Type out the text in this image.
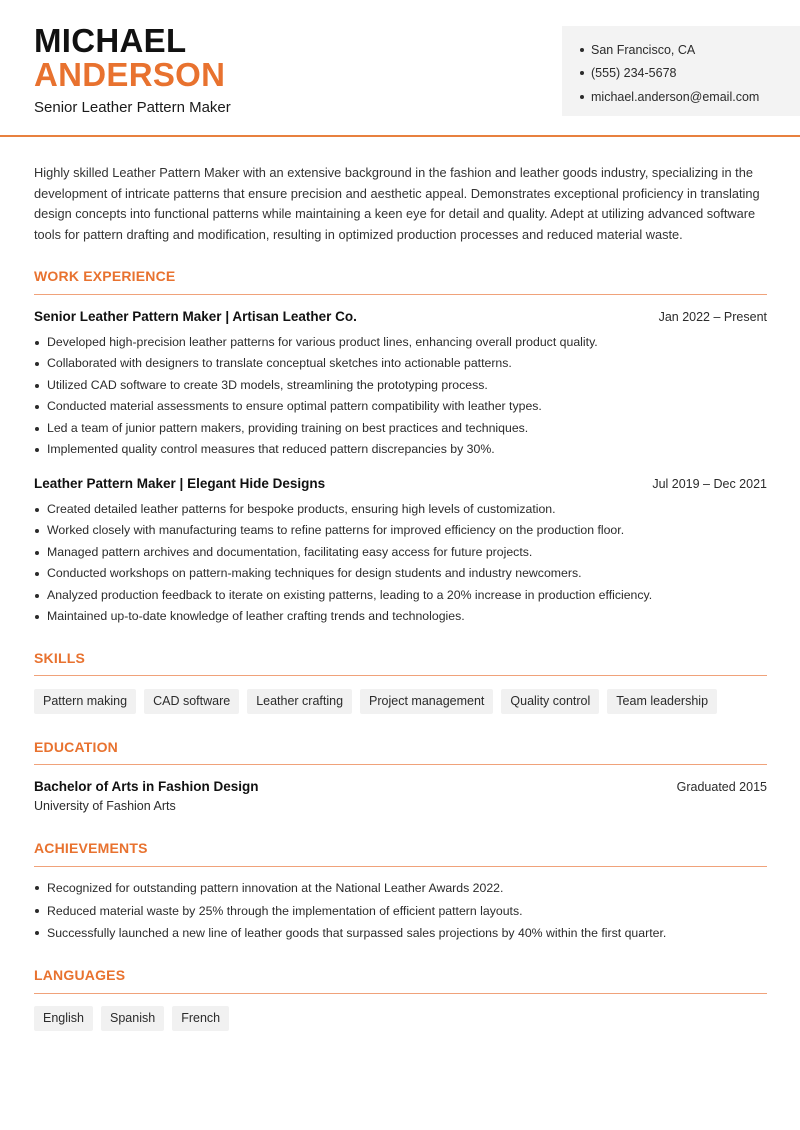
MICHAEL
ANDERSON
Senior Leather Pattern Maker
San Francisco, CA
(555) 234-5678
michael.anderson@email.com

Highly skilled Leather Pattern Maker with an extensive background in the fashion and leather goods industry, specializing in the development of intricate patterns that ensure precision and aesthetic appeal. Demonstrates exceptional proficiency in translating design concepts into functional patterns while maintaining a keen eye for detail and quality. Adept at utilizing advanced software tools for pattern drafting and modification, resulting in optimized production processes and reduced material waste.

WORK EXPERIENCE
Senior Leather Pattern Maker | Artisan Leather Co.	Jan 2022 – Present
Developed high-precision leather patterns for various product lines, enhancing overall product quality.
Collaborated with designers to translate conceptual sketches into actionable patterns.
Utilized CAD software to create 3D models, streamlining the prototyping process.
Conducted material assessments to ensure optimal pattern compatibility with leather types.
Led a team of junior pattern makers, providing training on best practices and techniques.
Implemented quality control measures that reduced pattern discrepancies by 30%.
Leather Pattern Maker | Elegant Hide Designs	Jul 2019 – Dec 2021
Created detailed leather patterns for bespoke products, ensuring high levels of customization.
Worked closely with manufacturing teams to refine patterns for improved efficiency on the production floor.
Managed pattern archives and documentation, facilitating easy access for future projects.
Conducted workshops on pattern-making techniques for design students and industry newcomers.
Analyzed production feedback to iterate on existing patterns, leading to a 20% increase in production efficiency.
Maintained up-to-date knowledge of leather crafting trends and technologies.
SKILLS
Pattern making	CAD software	Leather crafting	Project management	Quality control	Team leadership
EDUCATION
Bachelor of Arts in Fashion Design	Graduated 2015
University of Fashion Arts
ACHIEVEMENTS
Recognized for outstanding pattern innovation at the National Leather Awards 2022.
Reduced material waste by 25% through the implementation of efficient pattern layouts.
Successfully launched a new line of leather goods that surpassed sales projections by 40% within the first quarter.
LANGUAGES
English	Spanish	French
